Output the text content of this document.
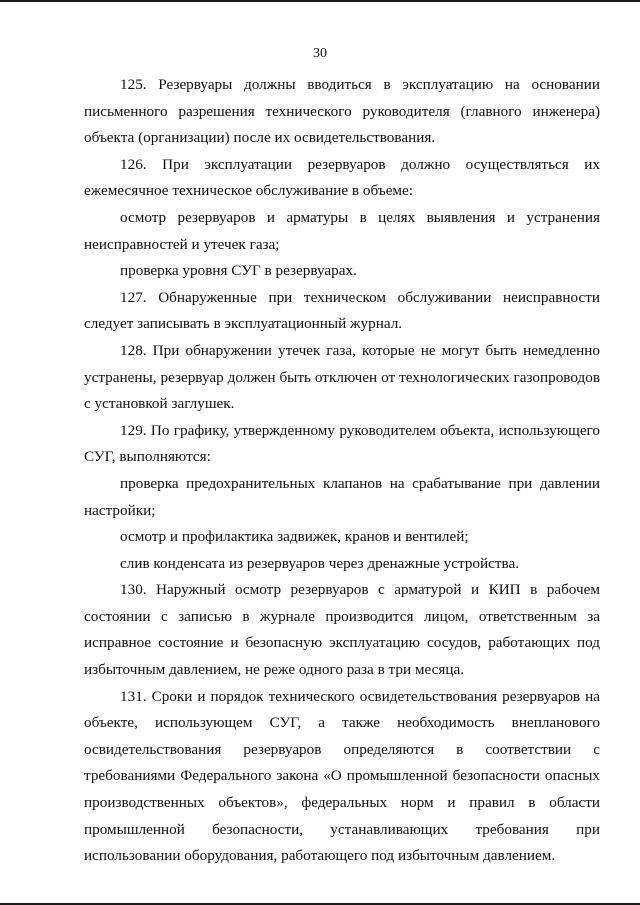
30

125. Резервуары должны вводиться в эксплуатацию на основании письменного разрешения технического руководителя (главного инженера) объекта (организации) после их освидетельствования.

126. При эксплуатации резервуаров должно осуществляться их ежемесячное техническое обслуживание в объеме:

осмотр резервуаров и арматуры в целях выявления и устранения неисправностей и утечек газа;

проверка уровня СУГ в резервуарах.

127. Обнаруженные при техническом обслуживании неисправности следует записывать в эксплуатационный журнал.

128. При обнаружении утечек газа, которые не могут быть немедленно устранены, резервуар должен быть отключен от технологических газопроводов с установкой заглушек.

129. По графику, утвержденному руководителем объекта, использующего СУГ, выполняются:

проверка предохранительных клапанов на срабатывание при давлении настройки;

осмотр и профилактика задвижек, кранов и вентилей;

слив конденсата из резервуаров через дренажные устройства.

130. Наружный осмотр резервуаров с арматурой и КИП в рабочем состоянии с записью в журнале производится лицом, ответственным за исправное состояние и безопасную эксплуатацию сосудов, работающих под избыточным давлением, не реже одного раза в три месяца.

131. Сроки и порядок технического освидетельствования резервуаров на объекте, использующем СУГ, а также необходимость внепланового освидетельствования резервуаров определяются в соответствии с требованиями Федерального закона «О промышленной безопасности опасных производственных объектов», федеральных норм и правил в области промышленной безопасности, устанавливающих требования при использовании оборудования, работающего под избыточным давлением.
